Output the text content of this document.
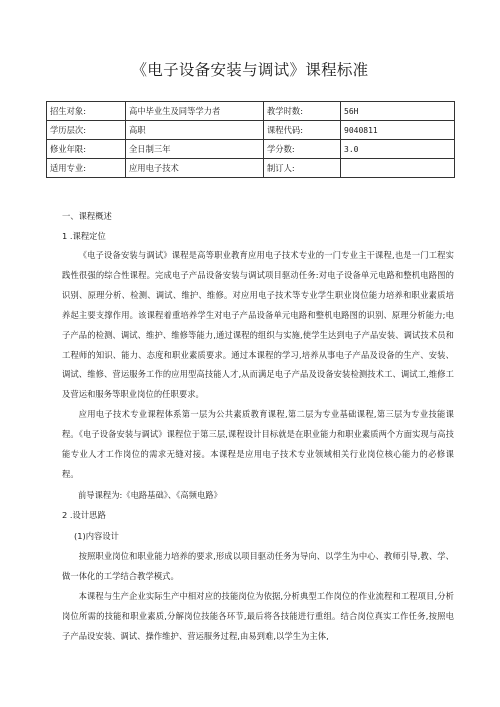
《电子设备安装与调试》课程标准
招生对象:	高中毕业生及同等学力者	教学时数:	56H
学历层次:	高职	课程代码:	9040811
修业年限:	全日制三年	学分数:	3.0
适用专业:	应用电子技术	制订人:	
一、课程概述
1 .课程定位

《电子设备安装与调试》课程是高等职业教育应用电子技术专业的一门专业主干课程,也是一门工程实践性很强的综合性课程。完成电子产品设备安装与调试项目驱动任务:对电子设备单元电路和整机电路图的识别、原理分析、检测、调试、维护、维修。对应用电子技术等专业学生职业岗位能力培养和职业素质培养起主要支撑作用。该课程着重培养学生对电子产品设备单元电路和整机电路图的识别、原理分析能力;电子产品的检测、调试、维护、维修等能力,通过课程的组织与实施,使学生达到电子产品安装、调试技术员和工程师的知识、能力、态度和职业素质要求。通过本课程的学习,培养从事电子产品及设备的生产、安装、调试、维修、营运服务工作的应用型高技能人才,从而满足电子产品及设备安装检测技术工、调试工,维修工及营运和服务等职业岗位的任职要求。

应用电子技术专业课程体系第一层为公共素质教育课程,第二层为专业基础课程,第三层为专业技能课程。《电子设备安装与调试》课程位于第三层,课程设计目标就是在职业能力和职业素质两个方面实现与高技能专业人才工作岗位的需求无缝对接。本课程是应用电子技术专业领域相关行业岗位核心能力的必修课程。

前导课程为:《电路基础》、《高频电路》
2 .设计思路
(1)内容设计

按照职业岗位和职业能力培养的要求,形成以项目驱动任务为导向、以学生为中心、教师引导,教、学、做一体化的工学结合教学模式。

本课程与生产企业实际生产中相对应的技能岗位为依据,分析典型工作岗位的作业流程和工程项目,分析岗位所需的技能和职业素质,分解岗位技能各环节,最后将各技能进行重组。结合岗位真实工作任务,按照电子产品设安装、调试、操作维护、营运服务过程,由易到难,以学生为主体,
